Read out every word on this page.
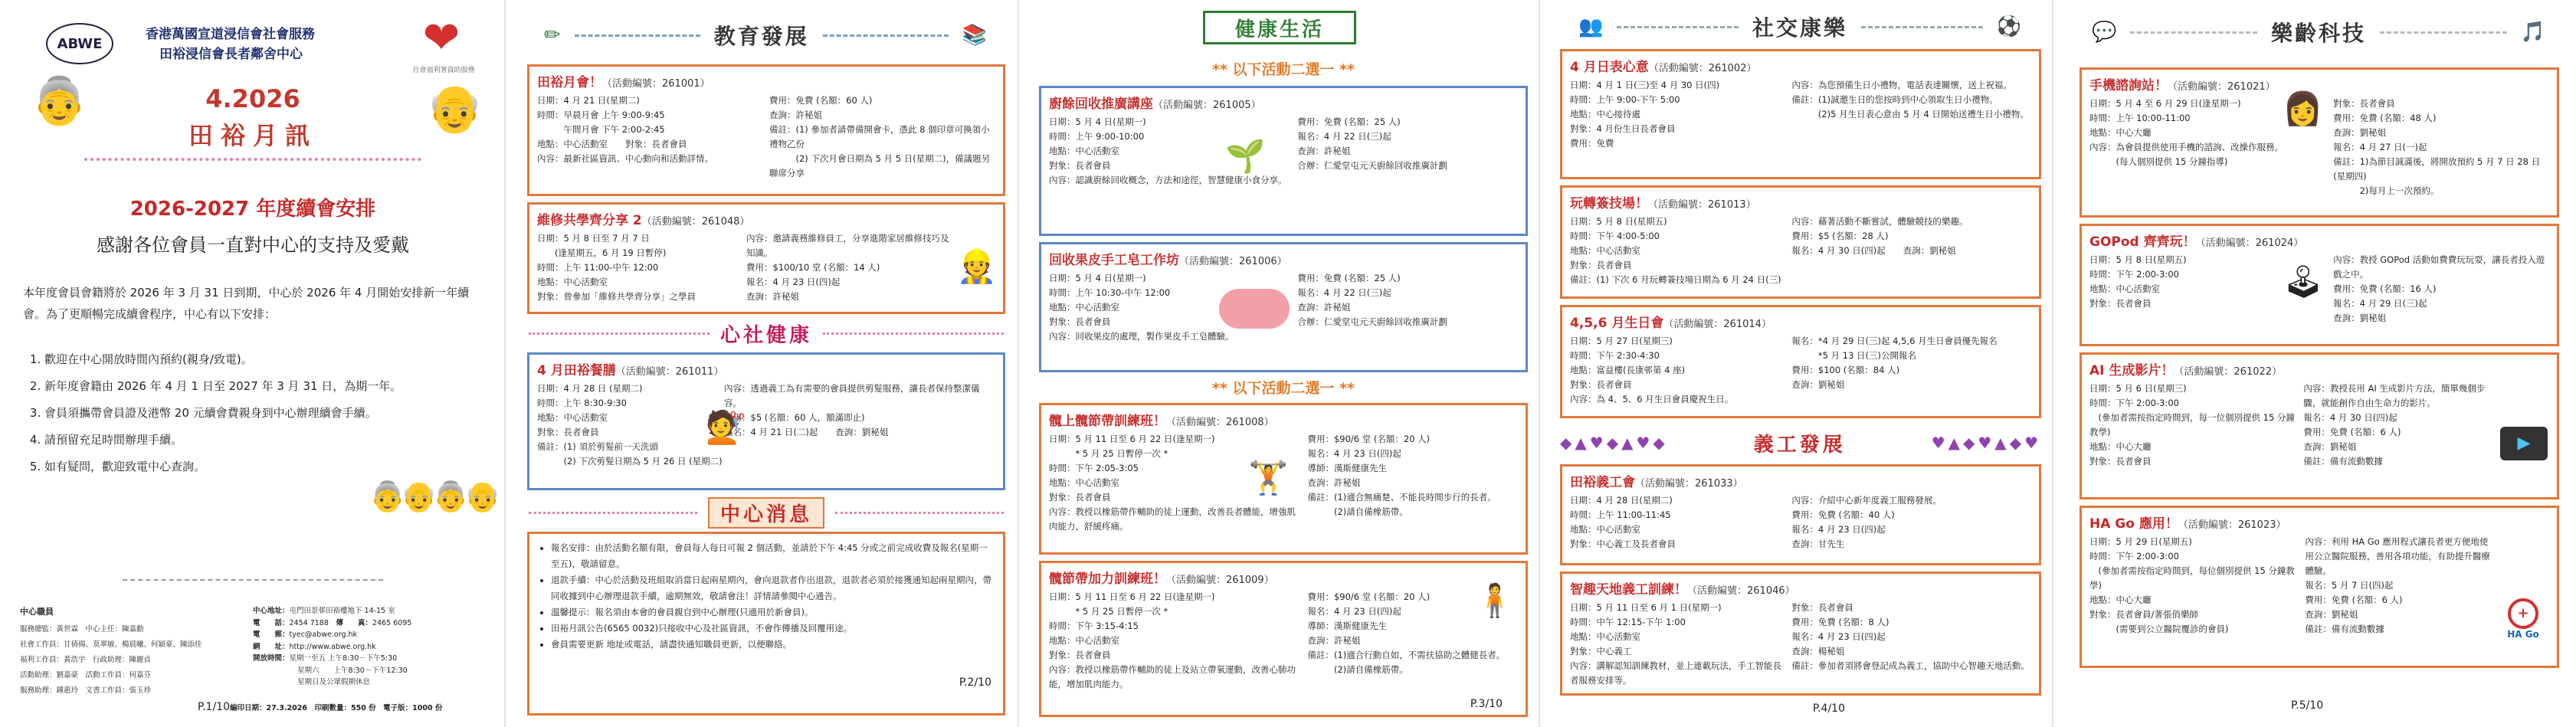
ABWE
香港萬國宣道浸信會社會服務
田裕浸信會長者鄰舍中心	❤
社會福利署資助服務
👵	👴
4.2026
田裕月訊
2026-2027 年度續會安排
感謝各位會員一直對中心的支持及愛戴
本年度會員會籍將於 2026 年 3 月 31 日到期，中心於 2026 年 4 月開始安排新一年續會。為了更順暢完成續會程序，中心有以下安排：
1. 歡迎在中心開放時間內預約(親身/致電)。
2. 新年度會籍由 2026 年 4 月 1 日至 2027 年 3 月 31 日，為期一年。
3. 會員須攜帶會員證及港幣 20 元續會費親身到中心辦理續會手續。
4. 請預留充足時間辦理手續。
5. 如有疑問，歡迎致電中心查詢。
👵👴👵👴
中心職員
服務總監：黃世霖　 中心主任：陳嘉勳
社會工作員：甘倩揚、莫翠敏、楊晨曦、何穎豪、陳添佳
福利工作員：黃浩宇　 行政助理：陳麗貞
活動助理：劉嘉豪　 活動工作員：何嘉芬
服務助理：鍾惠玲　 文書工作員：張玉珍
中心地址：屯門田景邨田裕樓地下 14-15 室
電　　話：2454 7188　 傳　　真：2465 6095
電　　郵：tyec@abwe.org.hk
網　　址：http://www.abwe.org.hk
開放時間：星期一至五 上午8:30－下午5:30
星期六　　上午8:30－下午12:30
星期日及公眾假期休息
編印日期：27.3.2026　印刷數量：550 份　電子版：1000 份
P.1/10
✏	教育發展	📚
田裕月會！（活動編號：261001）
日期：4 月 21 日(星期二)
時間：早晨月會 上午 9:00-9:45
　　　午間月會 下午 2:00-2:45
地點：中心活動室　　對象：長者會員
內容：最新社區資訊、中心動向和活動詳情。
費用：免費 (名額：60 人)
查詢：許秘姐
備註：(1) 參加者請帶備開會卡，憑此 8 個印章可換領小禮物乙份
　　　(2) 下次月會日期為 5 月 5 日(星期二)，備議題另聯席分享
維修共學齊分享 2（活動編號：261048）
日期：5 月 8 日至 7 月 7 日
　　(逢星期五，6 月 19 日暫停)
時間：上午 11:00-中午 12:00
地點：中心活動室
對象：曾參加「維修共學齊分享」之學員
內容：邀請義務維修員工，分享進階家居維修技巧及知識。
費用：$100/10 堂 (名額：14 人)
報名：4 月 23 日(四)起
查詢：許秘姐
👷
心社健康
4 月田裕餐膳（活動編號：261011）
日期：4 月 28 日 (星期二)
時間：上午 8:30-9:30
地點：中心活動室
對象：長者會員
內容：透過義工為有需要的會員提供剪髮服務，讓長者保持整潔儀容。
費用：$5 (名額：60 人，額滿即止)
報名：4 月 21 日(二)起　　查詢：劉秘姐
備註：(1) 須於剪髮前一天洗頭
　　　(2) 下次剪髮日期為 5 月 26 日 (星期二)
💇
中心消息
• 報名安排：由於活動名額有限，會員每人每日可報 2 個活動，並請於下午 4:45 分或之前完成收費及報名(星期一至五)，敬請留意。
• 退款手續：中心於活動及班組取消當日起兩星期內，會向退款者作出退款，退款者必須於接獲通知起兩星期內，帶同收據到中心辦理退款手續，逾期無效，敬請會注！詳情請參閱中心通告。
• 溫馨提示：報名須由本會的會員親自到中心辦理(只適用於新會員)。
• 田裕月訊公告(6565 0032)只接收中心及社區資訊，不會作傳播及回覆用途。
• 會員需要更新 地址或電話，請盡快通知職員更新，以便聯絡。
P.2/10
健康生活
** 以下活動二選一 **
廚餘回收推廣講座（活動編號：261005）
日期：5 月 4 日(星期一)
時間：上午 9:00-10:00
地點：中心活動室
對象：長者會員
內容：認識廚餘回收概念，方法和途徑，智慧健康小食分享。
費用：免費 (名額：25 人)
報名：4 月 22 日(三)起
查詢：許秘姐
合辦：仁愛堂屯元天廚餘回收推廣計劃
🌱
回收果皮手工皂工作坊（活動編號：261006）
日期：5 月 4 日(星期一)
時間：上午 10:30-中午 12:00
地點：中心活動室
對象：長者會員
內容：回收果皮的處理，製作果皮手工皂體驗。
費用：免費 (名額：25 人)
報名：4 月 22 日(三)起
查詢：許秘姐
合辦：仁愛堂屯元天廚餘回收推廣計劃
** 以下活動二選一 **
髖上髖節帶訓練班！（活動編號：261008）
日期：5 月 11 日至 6 月 22 日(逢星期一)
　　　* 5 月 25 日暫停一次 *
時間：下午 2:05-3:05
地點：中心活動室
對象：長者會員
內容：教授以橡筋帶作輔助的徒上運動，改善長者體能，增強肌肉能力，舒緩疼痛。
費用：$90/6 堂 (名額：20 人)
報名：4 月 23 日(四)起
導師：漢斯健康先生
查詢：許秘姐
備註：(1)適合無痛楚、不能長時間步行的長者。
　　　(2)請自備橡筋帶。
🏋
髖節帶加力訓練班！（活動編號：261009）
日期：5 月 11 日至 6 月 22 日(逢星期一)
　　　* 5 月 25 日暫停一次 *
時間：下午 3:15-4:15
地點：中心活動室
對象：長者會員
內容：教授以橡筋帶作輔助的徒上及站立帶氧運動，改善心肺功能，增加肌肉能力。
費用：$90/6 堂 (名額：20 人)
報名：4 月 23 日(四)起
導師：漢斯健康先生
查詢：許秘姐
備註：(1)適合行動自如，不需扶協助之體健長者。
　　　(2)請自備橡筋帶。
🧍
P.3/10
👥	社交康樂	⚽
4 月日表心意（活動編號：261002）
日期：4 月 1 日(三)至 4 月 30 日(四)
時間：上午 9:00-下午 5:00
地點：中心接待處
對象：4 月份生日長者會員
費用：免費
內容：為您預備生日小禮物，電話表達關懷，送上祝福。
備註：(1)誠邀生日的您按時到中心領取生日小禮物。
　　　(2)5 月生日表心意由 5 月 4 日開始送禮生日小禮物。
玩轉簽技場！（活動編號：261013）
日期：5 月 8 日(星期五)
時間：下午 4:00-5:00
地點：中心活動室
對象：長者會員
內容：藉著活動不斷嘗試，體驗競技的樂趣。
費用：$5 (名額：28 人)
報名：4 月 30 日(四)起　　查詢：劉秘姐
備註：(1) 下次 6 月玩轉簽技場日期為 6 月 24 日(三)
4,5,6 月生日會（活動編號：261014）
日期：5 月 27 日(星期三)
時間：下午 2:30-4:30
地點：富益樓(長康邨第 4 座)
對象：長者會員
內容：為 4、5、6 月生日會員慶祝生日。
報名：*4 月 29 日(三)起 4,5,6 月生日會員優先報名
　　　*5 月 13 日(三)公開報名
費用：$100 (名額：84 人)
查詢：劉秘姐
◆▲♥◆▲♥◆	義工發展	♥▲◆♥▲◆♥
田裕義工會（活動編號：261033）
日期：4 月 28 日(星期二)
時間：上午 11:00-11:45
地點：中心活動室
對象：中心義工及長者會員
內容：介紹中心新年度義工服務發展。
費用：免費 (名額：40 人)
報名：4 月 23 日(四)起
查詢：甘先生
智趣天地義工訓練！（活動編號：261046）
日期：5 月 11 日至 6 月 1 日(星期一)
時間：中午 12:15-下午 1:00
地點：中心活動室
對象：中心義工
內容：講解認知訓練教材，並上連載玩法，手工智能長者服務安排等。
對象：長者會員
費用：免費 (名額：8 人)
報名：4 月 23 日(四)起
查詢：楊秘姐
備註：參加者須將會登記成為義工，協助中心智趣天地活動。
P.4/10
💬	樂齡科技	🎵
手機諮詢站！（活動編號：261021）
日期：5 月 4 至 6 月 29 日(逢星期一)
時間：上午 10:00-11:00
地點：中心大廳
內容：為會員提供使用手機的諮詢、改操作服務。
　　　(每人個別提供 15 分鐘指導)
對象：長者會員
費用：免費 (名額：48 人)
查詢：劉秘姐
報名：4 月 27 日(一)起
備註：1)為節目誠滿後，將開放預約 5 月 7 日 28 日(星期四)
　　　2)每月上一次預約。
👩
GOPod 齊齊玩！（活動編號：261024）
日期：5 月 8 日(星期五)
時間：下午 2:00-3:00
地點：中心活動室
對象：長者會員
內容：教授 GOPod 活動如費費玩玩耍，讓長者投入遊戲之中。
費用：免費 (名額：16 人)
報名：4 月 29 日(三)起
查詢：劉秘姐
🕹
AI 生成影片！（活動編號：261022）
日期：5 月 6 日(星期三)
時間：下午 2:00-3:00
　(參加者需按指定時間到，每一位個別提供 15 分鐘教學)
地點：中心大廳
對象：長者會員
內容：教授長用 AI 生成影片方法，簡單幾個步驟，就能創作自由生命力的影片。
報名：4 月 30 日(四)起
費用：免費 (名額：6 人)
查詢：劉秘姐
備註：備有流動數據
▶
HA Go 應用！（活動編號：261023）
日期：5 月 29 日(星期五)
時間：下午 2:00-3:00
　(參加者需按指定時間到，每位個別提供 15 分鐘教學)
地點：中心大廳
對象：長者會員/著張俏樂師
　　　(需要到公立醫院覆診的會員)
內容：利用 HA Go 應用程式讓長者更方便地使用公立醫院服務，善用各項功能，有助提升醫療體驗。
報名：5 月 7 日(四)起
費用：免費 (名額：6 人)
查詢：劉秘姐
備註：備有流動數據
+
HA Go
P.5/10
